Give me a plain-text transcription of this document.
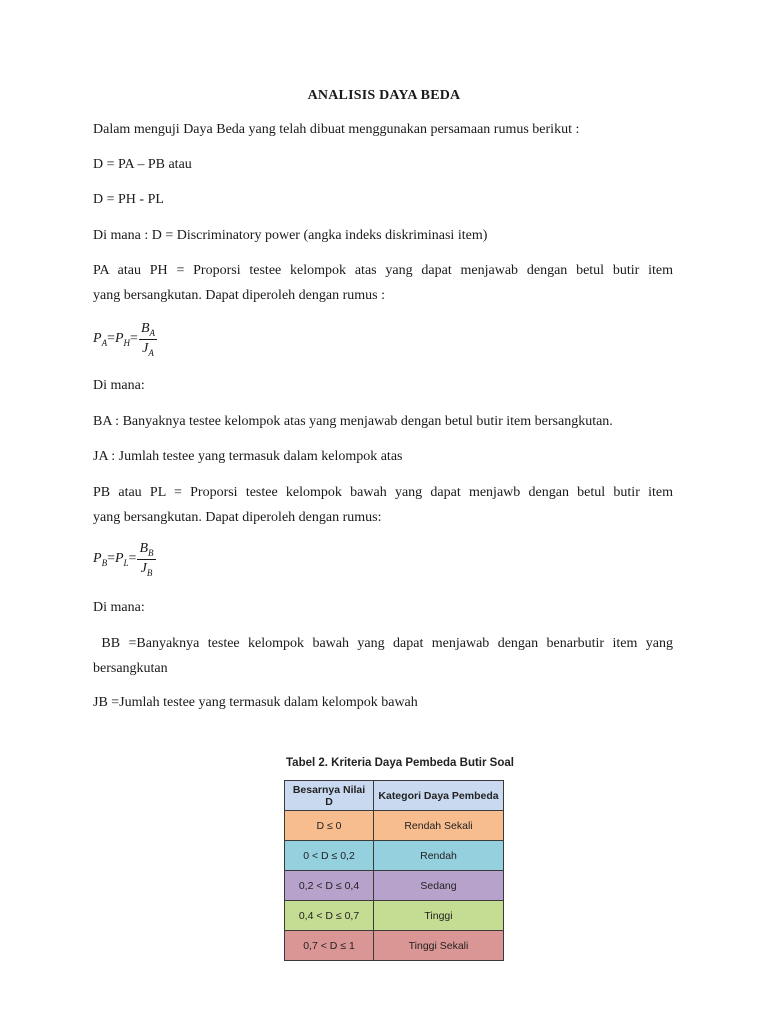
ANALISIS DAYA BEDA
Dalam menguji Daya Beda yang telah dibuat menggunakan persamaan rumus berikut :
D = PA – PB atau
D = PH - PL
Di mana : D = Discriminatory power (angka indeks diskriminasi item)
PA atau PH = Proporsi testee kelompok atas yang dapat menjawab dengan betul butir item
yang bersangkutan. Dapat diperoleh dengan rumus :
$P_A=P_H= \frac{B_A}{J_A}$
Di mana:
BA : Banyaknya testee kelompok atas yang menjawab dengan betul butir item bersangkutan.
JA : Jumlah testee yang termasuk dalam kelompok atas
PB atau PL = Proporsi testee kelompok bawah yang dapat menjawb dengan betul butir item
yang bersangkutan. Dapat diperoleh dengan rumus:
$P_B=P_L= \frac{B_B}{J_B}$
Di mana:
BB =Banyaknya testee kelompok bawah yang dapat menjawab dengan benarbutir item yang
bersangkutan
JB =Jumlah testee yang termasuk dalam kelompok bawah
Tabel 2. Kriteria Daya Pembeda Butir Soal
Besarnya Nilai D	Kategori Daya Pembeda
D ≤ 0	Rendah Sekali
0 < D ≤ 0,2	Rendah
0,2 < D ≤ 0,4	Sedang
0,4 < D ≤ 0,7	Tinggi
0,7 < D ≤ 1	Tinggi Sekali
